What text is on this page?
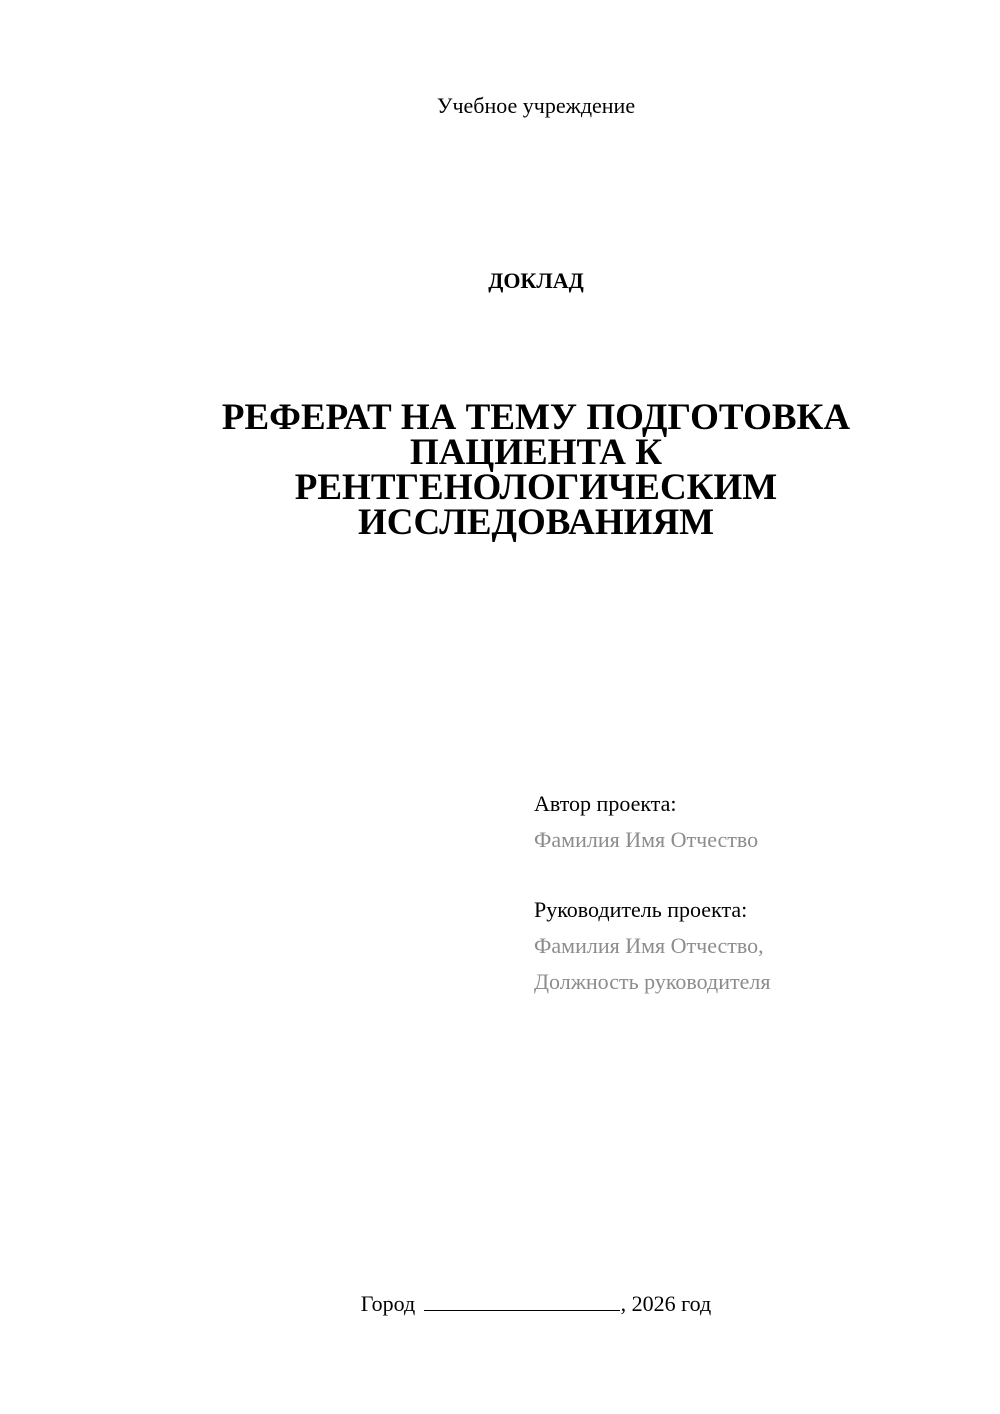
Учебное учреждение
ДОКЛАД
РЕФЕРАТ НА ТЕМУ ПОДГОТОВКА
ПАЦИЕНТА К
РЕНТГЕНОЛОГИЧЕСКИМ
ИССЛЕДОВАНИЯМ
Автор проекта:
Фамилия Имя Отчество
Руководитель проекта:
Фамилия Имя Отчество,
Должность руководителя
Город	, 2026 год
